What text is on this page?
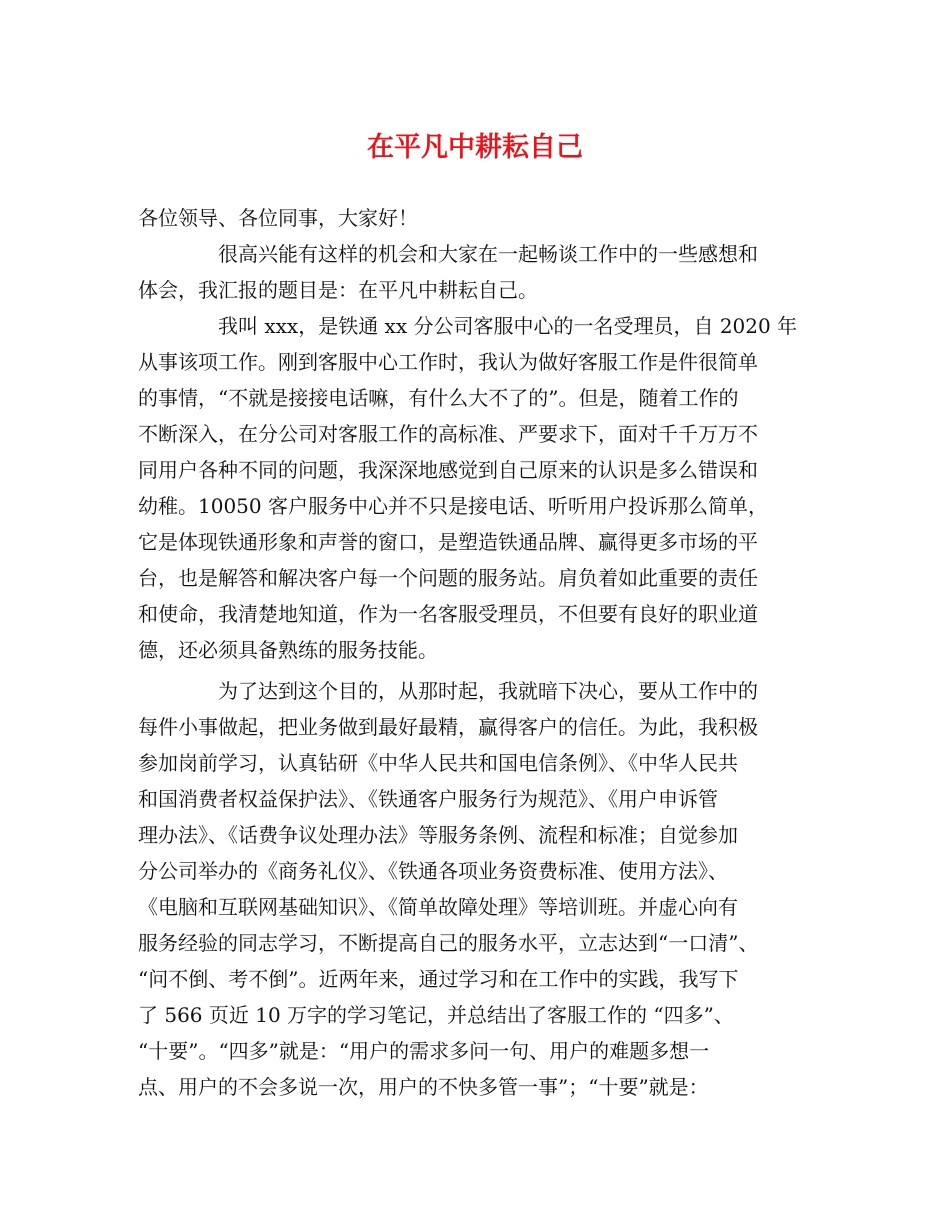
在平凡中耕耘自己
各位领导、各位同事，大家好！
很高兴能有这样的机会和大家在一起畅谈工作中的一些感想和
体会，我汇报的题目是：在平凡中耕耘自己。
我叫 xxx，是铁通 xx 分公司客服中心的一名受理员，自 2020 年
从事该项工作。刚到客服中心工作时，我认为做好客服工作是件很简单
的事情，“不就是接接电话嘛，有什么大不了的”。但是，随着工作的
不断深入，在分公司对客服工作的高标准、严要求下，面对千千万万不
同用户各种不同的问题，我深深地感觉到自己原来的认识是多么错误和
幼稚。10050 客户服务中心并不只是接电话、听听用户投诉那么简单，
它是体现铁通形象和声誉的窗口，是塑造铁通品牌、赢得更多市场的平
台，也是解答和解决客户每一个问题的服务站。肩负着如此重要的责任
和使命，我清楚地知道，作为一名客服受理员，不但要有良好的职业道
德，还必须具备熟练的服务技能。
为了达到这个目的，从那时起，我就暗下决心，要从工作中的
每件小事做起，把业务做到最好最精，赢得客户的信任。为此，我积极
参加岗前学习，认真钻研《中华人民共和国电信条例》、《中华人民共
和国消费者权益保护法》、《铁通客户服务行为规范》、《用户申诉管
理办法》、《话费争议处理办法》等服务条例、流程和标准；自觉参加
分公司举办的《商务礼仪》、《铁通各项业务资费标准、使用方法》、
《电脑和互联网基础知识》、《简单故障处理》等培训班。并虚心向有
服务经验的同志学习，不断提高自己的服务水平，立志达到“一口清”、
“问不倒、考不倒”。近两年来，通过学习和在工作中的实践，我写下
了 566 页近 10 万字的学习笔记，并总结出了客服工作的 “四多”、
“十要”。“四多”就是：“用户的需求多问一句、用户的难题多想一
点、用户的不会多说一次，用户的不快多管一事”；“十要”就是：
